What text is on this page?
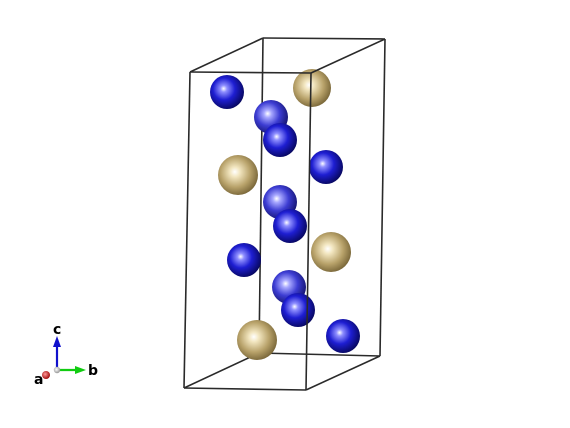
c
b
a
